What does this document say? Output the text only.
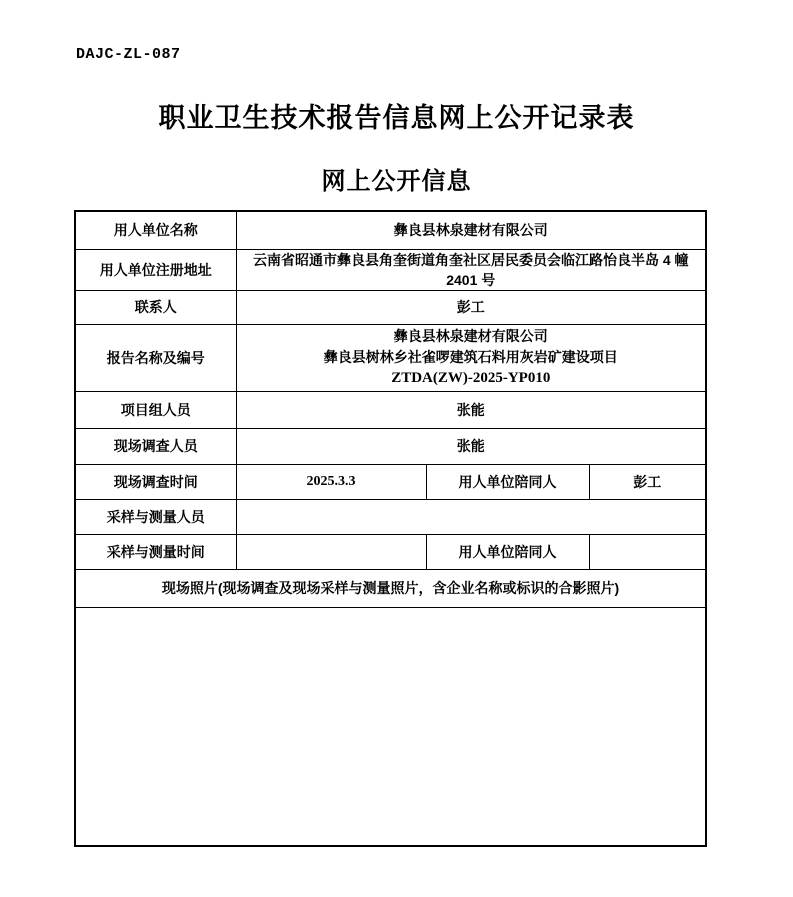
DAJC-ZL-087
职业卫生技术报告信息网上公开记录表
网上公开信息
用人单位名称	彝良县林泉建材有限公司		
用人单位注册地址	云南省昭通市彝良县角奎街道角奎社区居民委员会临江路怡良半岛 4 幢 2401 号		
联系人	彭工		
报告名称及编号	彝良县林泉建材有限公司
彝良县树林乡社雀啰建筑石料用灰岩矿建设项目
ZTDA(ZW)-2025-YP010		

项目组人员	张能		
现场调查人员	张能		
现场调查时间	2025.3.3	用人单位陪同人	彭工
采样与测量人员			
采样与测量时间		用人单位陪同人	
现场照片(现场调查及现场采样与测量照片，含企业名称或标识的合影照片)			
